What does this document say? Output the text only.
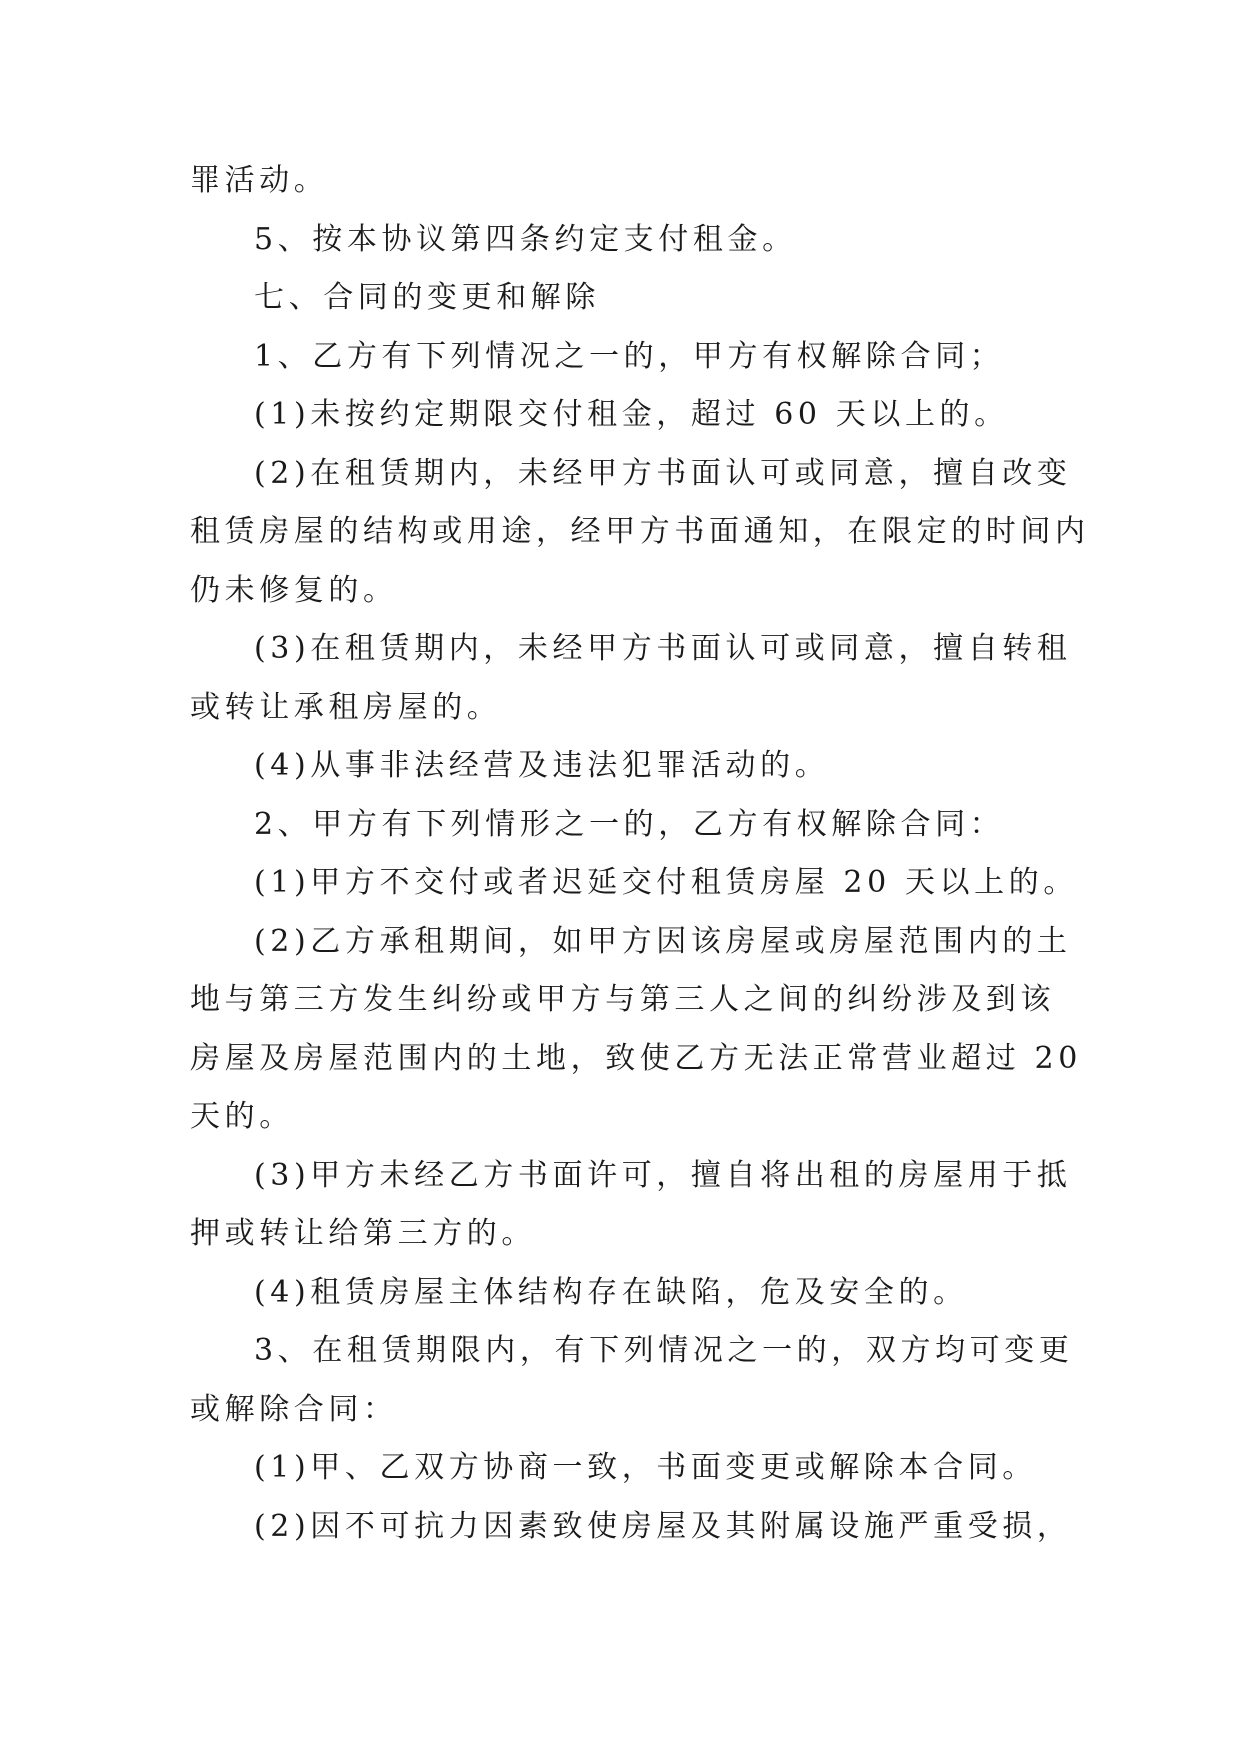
罪活动。
5、按本协议第四条约定支付租金。
七、合同的变更和解除
1、乙方有下列情况之一的，甲方有权解除合同；
(1)未按约定期限交付租金，超过 60 天以上的。
(2)在租赁期内，未经甲方书面认可或同意，擅自改变
租赁房屋的结构或用途，经甲方书面通知，在限定的时间内
仍未修复的。
(3)在租赁期内，未经甲方书面认可或同意，擅自转租
或转让承租房屋的。
(4)从事非法经营及违法犯罪活动的。
2、甲方有下列情形之一的，乙方有权解除合同：
(1)甲方不交付或者迟延交付租赁房屋 20 天以上的。
(2)乙方承租期间，如甲方因该房屋或房屋范围内的土
地与第三方发生纠纷或甲方与第三人之间的纠纷涉及到该
房屋及房屋范围内的土地，致使乙方无法正常营业超过 20
天的。
(3)甲方未经乙方书面许可，擅自将出租的房屋用于抵
押或转让给第三方的。
(4)租赁房屋主体结构存在缺陷，危及安全的。
3、在租赁期限内，有下列情况之一的，双方均可变更
或解除合同：
(1)甲、乙双方协商一致，书面变更或解除本合同。
(2)因不可抗力因素致使房屋及其附属设施严重受损，
